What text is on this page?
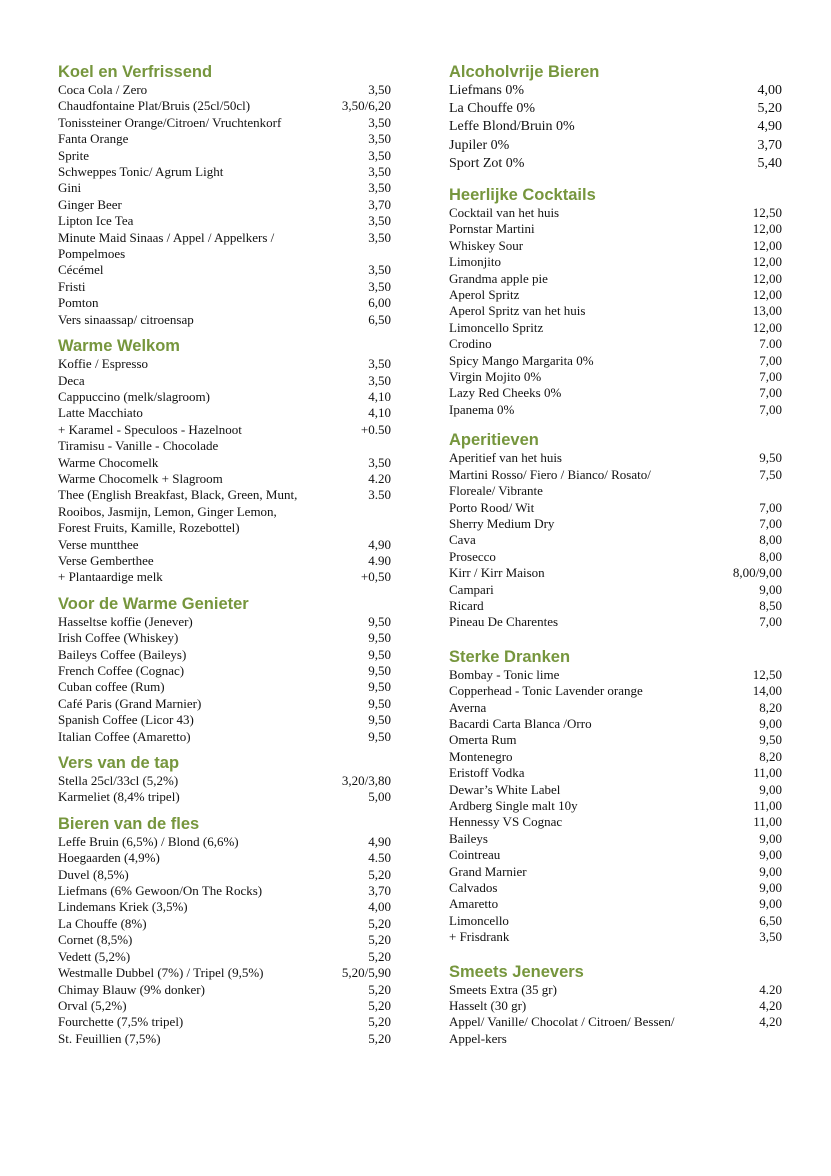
Koel en Verfrissend
Coca Cola / Zero	3,50
Chaudfontaine Plat/Bruis (25cl/50cl)	3,50/6,20
Tonissteiner Orange/Citroen/ Vruchtenkorf	3,50
Fanta Orange	3,50
Sprite	3,50
Schweppes Tonic/ Agrum Light	3,50
Gini	3,50
Ginger Beer	3,70
Lipton Ice Tea	3,50
Minute Maid Sinaas / Appel / Appelkers / Pompelmoes
3,50
Cécémel	3,50
Fristi	3,50
Pomton	6,00
Vers sinaassap/ citroensap	6,50
Warme Welkom
Koffie / Espresso	3,50
Deca	3,50
Cappuccino (melk/slagroom)	4,10
Latte Macchiato	4,10
+ Karamel - Speculoos - Hazelnoot	+0.50
Tiramisu - Vanille - Chocolade
Warme Chocomelk	3,50
Warme Chocomelk + Slagroom	4.20
Thee (English Breakfast, Black, Green, Munt, Rooibos, Jasmijn, Lemon, Ginger Lemon, Forest Fruits, Kamille, Rozebottel)
3.50
Verse muntthee	4,90
Verse Gemberthee	4.90
+ Plantaardige melk	+0,50
Voor de Warme Genieter
Hasseltse koffie (Jenever)	9,50
Irish Coffee (Whiskey)	9,50
Baileys Coffee (Baileys)	9,50
French Coffee (Cognac)	9,50
Cuban coffee (Rum)	9,50
Café Paris (Grand Marnier)	9,50
Spanish Coffee (Licor 43)	9,50
Italian Coffee (Amaretto)	9,50
Vers van de tap
Stella 25cl/33cl (5,2%)	3,20/3,80
Karmeliet (8,4% tripel)	5,00
Bieren van de fles
Leffe Bruin (6,5%) / Blond (6,6%)	4,90
Hoegaarden (4,9%)	4.50
Duvel (8,5%)	5,20
Liefmans (6% Gewoon/On The Rocks)	3,70
Lindemans Kriek (3,5%)	4,00
La Chouffe (8%)	5,20
Cornet (8,5%)	5,20
Vedett (5,2%)	5,20
Westmalle Dubbel (7%) / Tripel (9,5%)	5,20/5,90
Chimay Blauw (9% donker)	5,20
Orval (5,2%)	5,20
Fourchette (7,5% tripel)	5,20
St. Feuillien (7,5%)	5,20
Alcoholvrije Bieren
Liefmans 0%	4,00
La Chouffe 0%	5,20
Leffe Blond/Bruin 0%	4,90
Jupiler 0%	3,70
Sport Zot 0%	5,40
Heerlijke Cocktails
Cocktail van het huis	12,50
Pornstar Martini	12,00
Whiskey Sour	12,00
Limonjito	12,00
Grandma apple pie	12,00
Aperol Spritz	12,00
Aperol Spritz van het huis	13,00
Limoncello Spritz	12,00
Crodino	7.00
Spicy Mango Margarita 0%	7,00
Virgin Mojito 0%	7,00
Lazy Red Cheeks 0%	7,00
Ipanema 0%	7,00
Aperitieven
Aperitief van het huis	9,50
Martini Rosso/ Fiero / Bianco/ Rosato/ Floreale/ Vibrante
7,50
Porto Rood/ Wit	7,00
Sherry Medium Dry	7,00
Cava	8,00
Prosecco	8,00
Kirr / Kirr Maison	8,00/9,00
Campari	9,00
Ricard	8,50
Pineau De Charentes	7,00
Sterke Dranken
Bombay - Tonic lime	12,50
Copperhead - Tonic Lavender orange	14,00
Averna	8,20
Bacardi Carta Blanca /Orro	9,00
Omerta Rum	9,50
Montenegro	8,20
Eristoff Vodka	11,00
Dewar’s White Label	9,00
Ardberg Single malt 10y	11,00
Hennessy VS Cognac	11,00
Baileys	9,00
Cointreau	9,00
Grand Marnier	9,00
Calvados	9,00
Amaretto	9,00
Limoncello	6,50
+ Frisdrank	3,50
Smeets Jenevers
Smeets Extra (35 gr)	4.20
Hasselt (30 gr)	4,20
Appel/ Vanille/ Chocolat / Citroen/ Bessen/ Appel-kers
4,20
